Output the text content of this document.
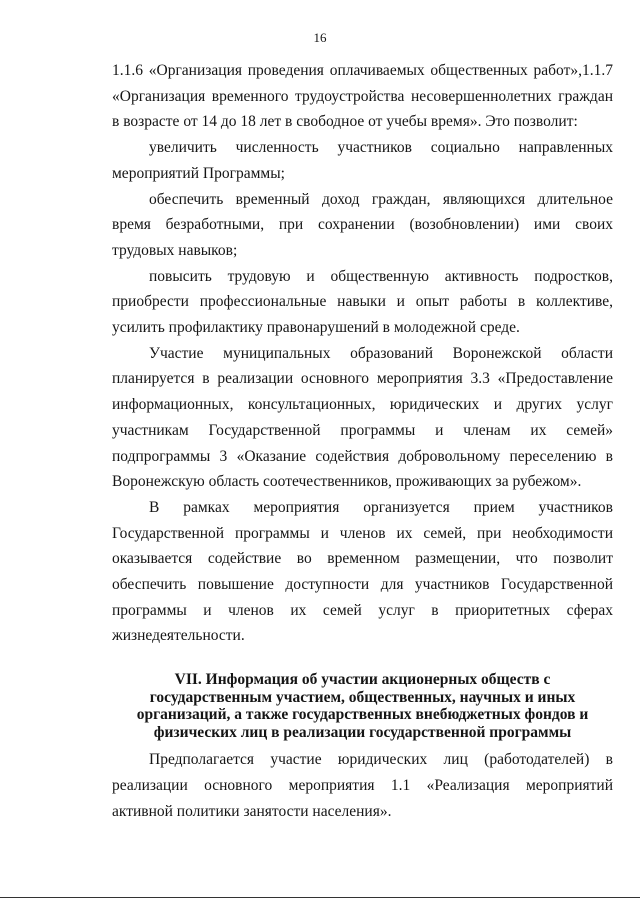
16

1.1.6 «Организация проведения оплачиваемых общественных работ»,1.1.7 «Организация временного трудоустройства несовершеннолетних граждан в возрасте от 14 до 18 лет в свободное от учебы время». Это позволит:

увеличить численность участников социально направленных мероприятий Программы;

обеспечить временный доход граждан, являющихся длительное время безработными, при сохранении (возобновлении) ими своих трудовых навыков;

повысить трудовую и общественную активность подростков, приобрести профессиональные навыки и опыт работы в коллективе, усилить профилактику правонарушений в молодежной среде.

Участие муниципальных образований Воронежской области планируется в реализации основного мероприятия 3.3 «Предоставление информационных, консультационных, юридических и других услуг участникам Государственной программы и членам их семей» подпрограммы 3 «Оказание содействия добровольному переселению в Воронежскую область соотечественников, проживающих за рубежом».

В рамках мероприятия организуется прием участников Государственной программы и членов их семей, при необходимости оказывается содействие во временном размещении, что позволит обеспечить повышение доступности для участников Государственной программы и членов их семей услуг в приоритетных сферах жизнедеятельности.

VII. Информация об участии акционерных обществ с государственным участием, общественных, научных и иных организаций, а также государственных внебюджетных фондов и физических лиц в реализации государственной программы

Предполагается участие юридических лиц (работодателей) в реализации основного мероприятия 1.1 «Реализация мероприятий активной политики занятости населения».
